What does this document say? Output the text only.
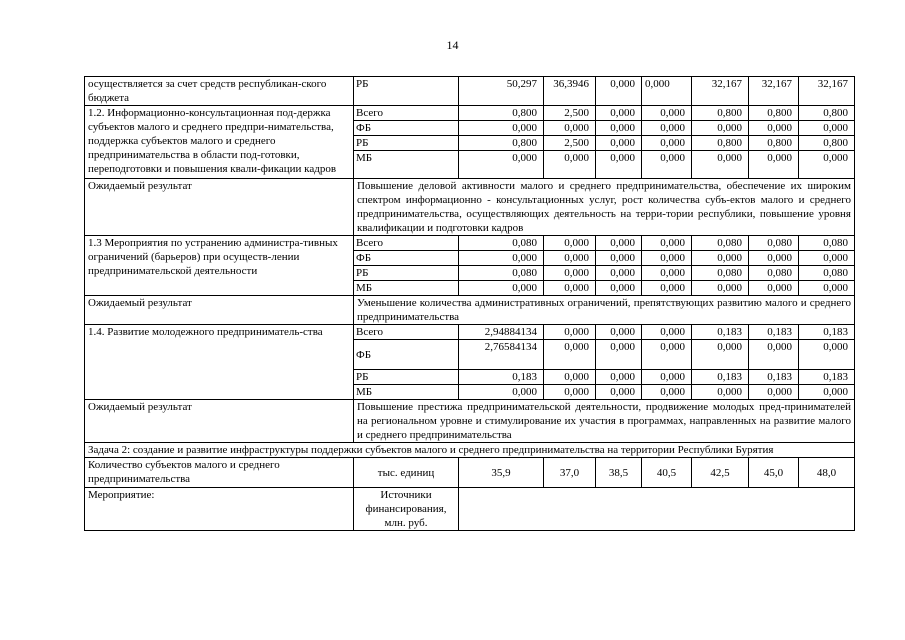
14
осуществляется за счет средств республикан-ского бюджета	РБ	50,297	36,3946	0,000	0,000	32,167	32,167	32,167
1.2. Информационно-консультационная под-держка субъектов малого и среднего предпри-нимательства, поддержка субъектов малого и среднего предпринимательства в области под-готовки, переподготовки и повышения квали-фикации кадров	Всего	0,800	2,500	0,000	0,000	0,800	0,800	0,800
	ФБ	0,000	0,000	0,000	0,000	0,000	0,000	0,000
	РБ	0,800	2,500	0,000	0,000	0,800	0,800	0,800
	МБ	0,000	0,000	0,000	0,000	0,000	0,000	0,000

Ожидаемый результат	Повышение деловой активности малого и среднего предпринимательства, обеспечение их широким спектром информационно - консультационных услуг, рост количества субъ-ектов малого и среднего предпринимательства, осуществляющих деятельность на терри-тории республики, повышение уровня квалификации и подготовки кадров							
1.3 Мероприятия по устранению администра-тивных ограничений (барьеров) при осуществ-лении предпринимательской деятельности	Всего	0,080	0,000	0,000	0,000	0,080	0,080	0,080
	ФБ	0,000	0,000	0,000	0,000	0,000	0,000	0,000
	РБ	0,080	0,000	0,000	0,000	0,080	0,080	0,080
	МБ	0,000	0,000	0,000	0,000	0,000	0,000	0,000
Ожидаемый результат	Уменьшение количества административных ограничений, препятствующих развитию малого и среднего предпринимательства							
1.4. Развитие молодежного предприниматель-ства	Всего	2,94884134	0,000	0,000	0,000	0,183	0,183	0,183
	ФБ	2,76584134	0,000	0,000	0,000	0,000	0,000	0,000
	РБ	0,183	0,000	0,000	0,000	0,183	0,183	0,183
	МБ	0,000	0,000	0,000	0,000	0,000	0,000	0,000
Ожидаемый результат	Повышение престижа предпринимательской деятельности, продвижение молодых пред-принимателей на региональном уровне и стимулирование их участия в программах, направленных на развитие малого и среднего предпринимательства							
Задача 2: создание и развитие инфраструктуры поддержки субъектов малого и среднего предпринимательства на территории Республики Бурятия								
Количество субъектов малого и среднего предпринимательства	тыс. единиц	35,9	37,0	38,5	40,5	42,5	45,0	48,0
Мероприятие:	Источники финансирования, млн. руб.							
